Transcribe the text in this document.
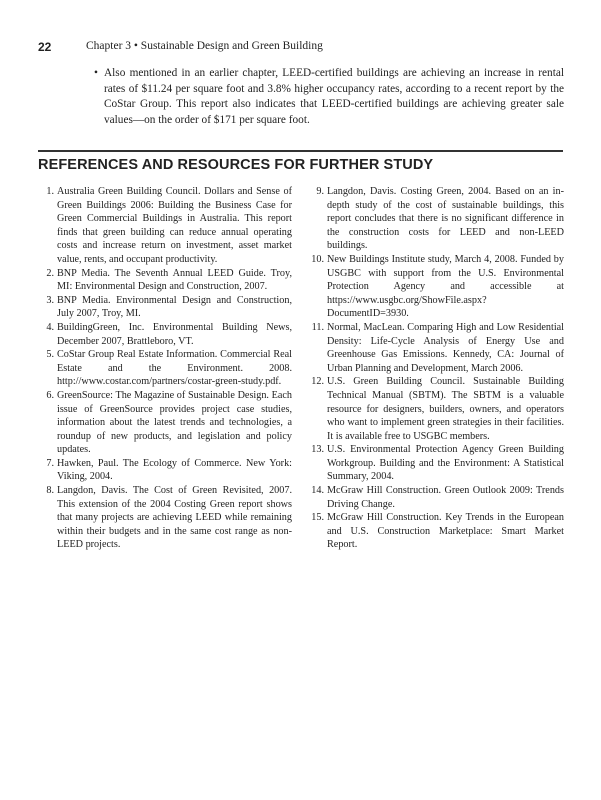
22	Chapter 3 • Sustainable Design and Green Building
• Also mentioned in an earlier chapter, LEED-certified buildings are achieving an increase in rental rates of $11.24 per square foot and 3.8% higher occupancy rates, according to a recent report by the CoStar Group. This report also indicates that LEED-certified buildings are achieving greater sale values—on the order of $171 per square foot.
REFERENCES AND RESOURCES FOR FURTHER STUDY

1. Australia Green Building Council. Dollars and Sense of Green Buildings 2006: Building the Business Case for Green Commercial Buildings in Australia. This report finds that green building can reduce annual operating costs and increase return on investment, asset market value, rents, and occupant productivity.

2. BNP Media. The Seventh Annual LEED Guide. Troy, MI: Environmental Design and Construction, 2007.

3. BNP Media. Environmental Design and Construction, July 2007, Troy, MI.

4. BuildingGreen, Inc. Environmental Building News, December 2007, Brattleboro, VT.

5. CoStar Group Real Estate Information. Commercial Real Estate and the Environment. 2008. http://www.costar.com/partners/costar-green-study.pdf.

6. GreenSource: The Magazine of Sustainable Design. Each issue of GreenSource provides project case studies, information about the latest trends and technologies, a roundup of new products, and legislation and policy updates.

7. Hawken, Paul. The Ecology of Commerce. New York: Viking, 2004.

8. Langdon, Davis. The Cost of Green Revisited, 2007. This extension of the 2004 Costing Green report shows that many projects are achieving LEED while remaining within their budgets and in the same cost range as non-LEED projects.

9. Langdon, Davis. Costing Green, 2004. Based on an in-depth study of the cost of sustainable buildings, this report concludes that there is no significant difference in the construction costs for LEED and non-LEED buildings.

10. New Buildings Institute study, March 4, 2008. Funded by USGBC with support from the U.S. Environmental Protection Agency and accessible at https://www.usgbc.org/ShowFile.aspx?DocumentID=3930.

11. Normal, MacLean. Comparing High and Low Residential Density: Life-Cycle Analysis of Energy Use and Greenhouse Gas Emissions. Kennedy, CA: Journal of Urban Planning and Development, March 2006.

12. U.S. Green Building Council. Sustainable Building Technical Manual (SBTM). The SBTM is a valuable resource for designers, builders, owners, and operators who want to implement green strategies in their facilities. It is available free to USGBC members.

13. U.S. Environmental Protection Agency Green Building Workgroup. Building and the Environment: A Statistical Summary, 2004.

14. McGraw Hill Construction. Green Outlook 2009: Trends Driving Change.

15. McGraw Hill Construction. Key Trends in the European and U.S. Construction Marketplace: Smart Market Report.
